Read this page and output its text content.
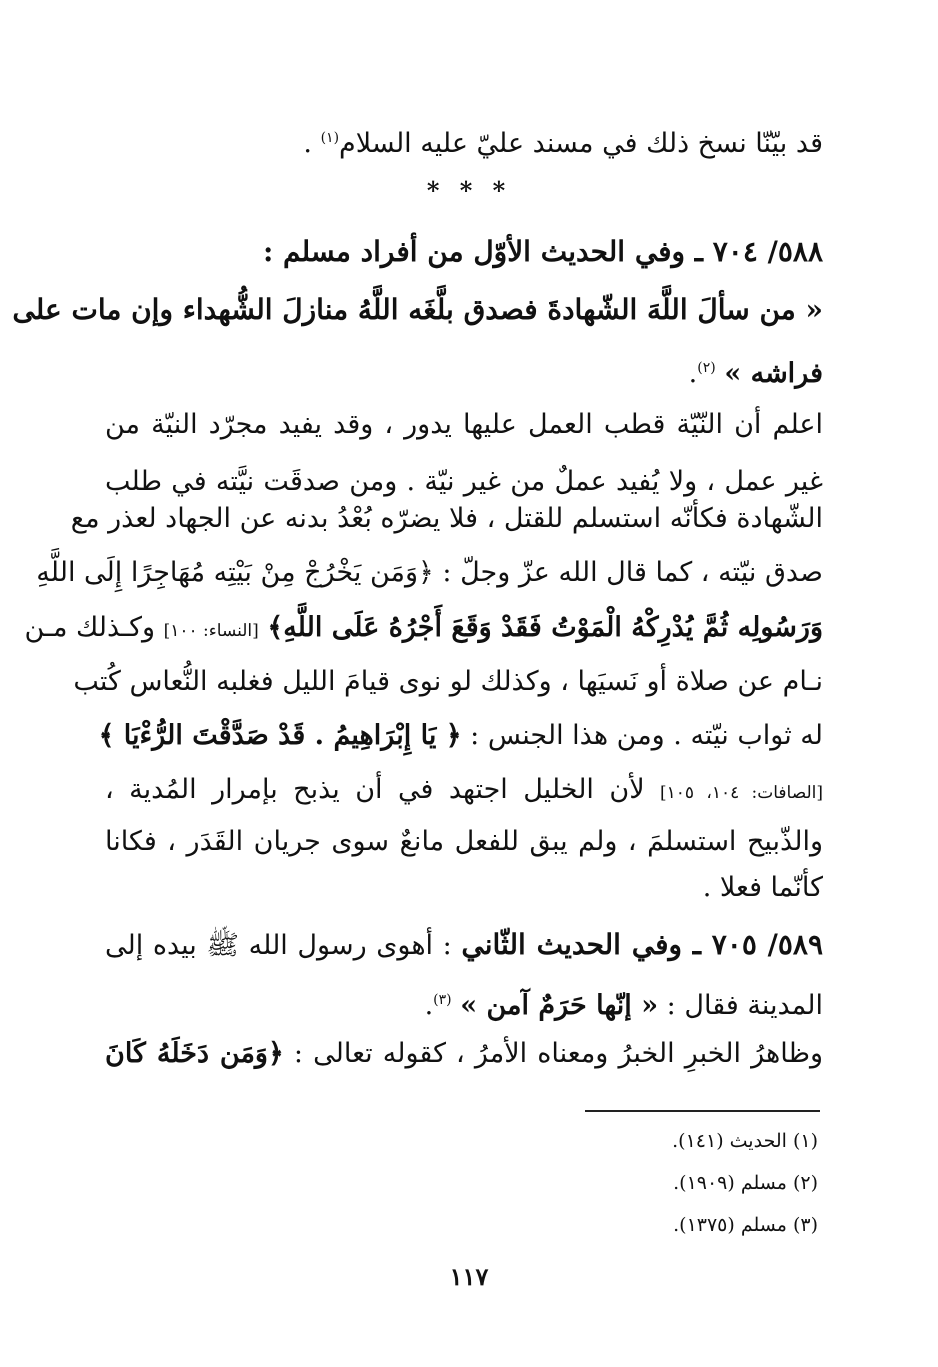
قد بيّنّا نسخ ذلك في مسند عليّ عليه السلام$^{(١)}$ .
* * *
٥٨٨/ ٧٠٤ ـ وفي الحديث الأوّل من أفراد مسلم :
« من سألَ اللَّهَ الشّهادةَ فصدق بلَّغَه اللَّهُ منازلَ الشُّهداء وإن مات على
فراشه » $^{(٢)}$.
اعلم أن النّيّة قطب العمل عليها يدور ، وقد يفيد مجرّد النيّة من
غير عمل ، ولا يُفيد عملٌ من غير نيّة . ومن صدقَت نيَّته في طلب
الشّهادة فكأنّه استسلم للقتل ، فلا يضرّه بُعْدُ بدنه عن الجهاد لعذر مع
صدق نيّته ، كما قال الله عزّ وجلّ : ﴿وَمَن يَخْرُجْ مِنْ بَيْتِه مُهَاجِرًا إِلَى اللَّهِ
وَرَسُولِه ثُمَّ يُدْرِكْهُ الْمَوْتُ فَقَدْ وَقَعَ أَجْرُهُ عَلَى اللَّهِ﴾ [النساء: ١٠٠] وكـذلك مـن
نـام عن صلاة أو نَسيَها ، وكذلك لو نوى قيامَ الليل فغلبه النُّعاس كُتب
له ثواب نيّته . ومن هذا الجنس : ﴿ يَا إِبْرَاهِيمُ . قَدْ صَدَّقْتَ الرُّءْيَا ﴾
[الصافات: ١٠٤، ١٠٥] لأن الخليل اجتهد في أن يذبح بإمرار المُدية ،
والذّبيح استسلمَ ، ولم يبق للفعل مانعٌ سوى جريان القَدَر ، فكانا
كأنّما فعلا .
٥٨٩/ ٧٠٥ ـ وفي الحديث الثّاني : أهوى رسول الله ﷺ بيده إلى
المدينة فقال : « إنّها حَرَمٌ آمن » $^{(٣)}$.
وظاهرُ الخبرِ الخبرُ ومعناه الأمرُ ، كقوله تعالى : ﴿وَمَن دَخَلَهُ كَانَ
(١) الحديث (١٤١).
(٢) مسلم (١٩٠٩).
(٣) مسلم (١٣٧٥).
١١٧
